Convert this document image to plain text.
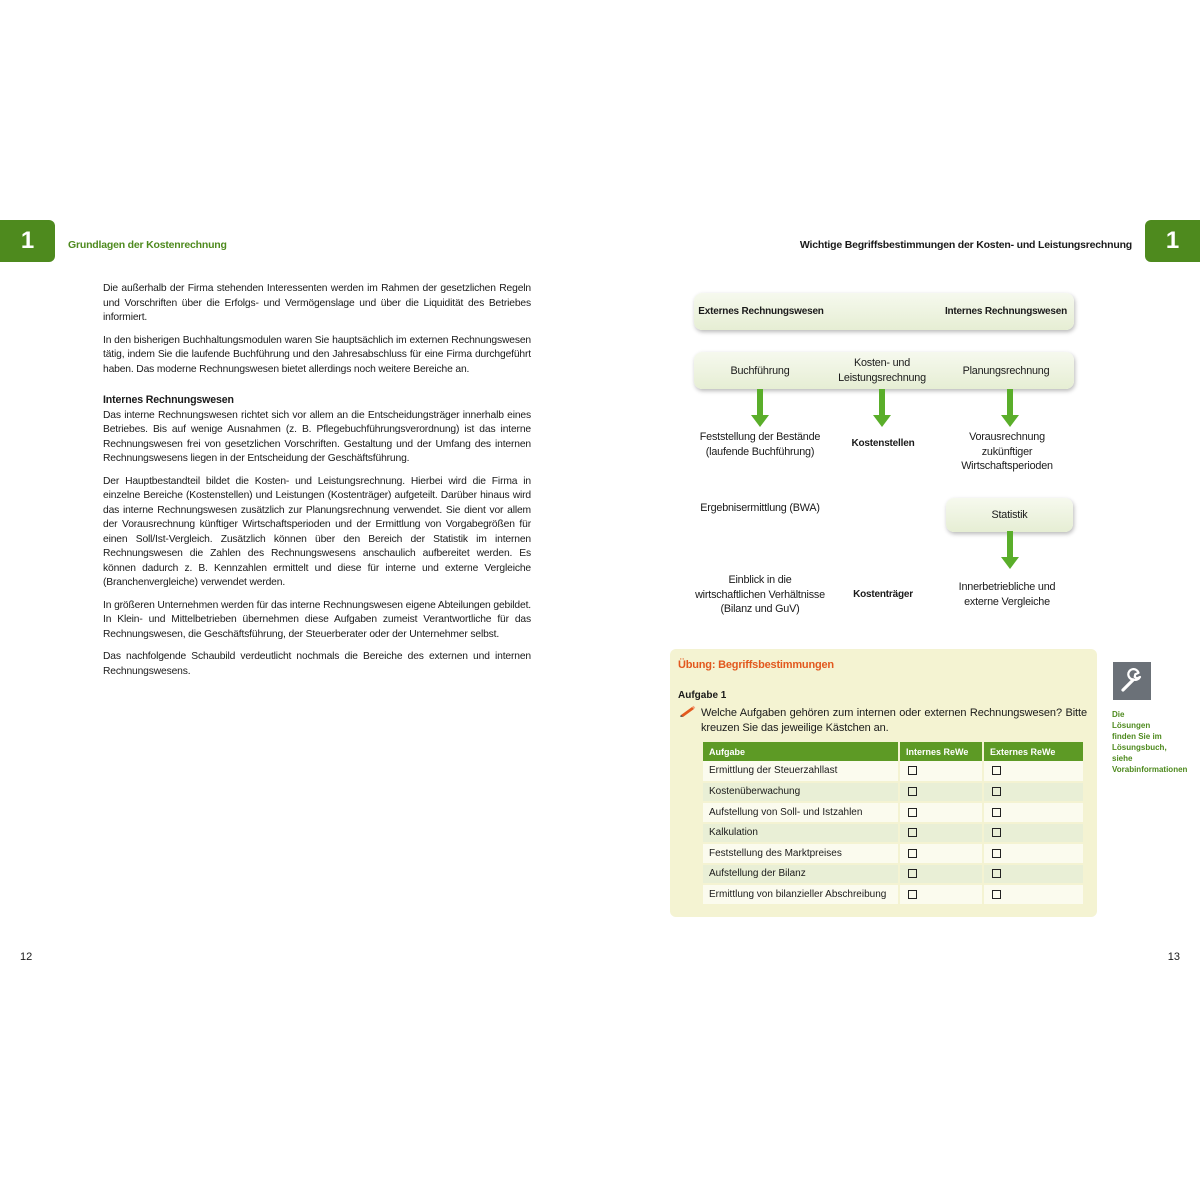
1	1
Grundlagen der Kostenrechnung	Wichtige Begriffsbestimmungen der Kosten- und Leistungsrechnung
12	13

Die außerhalb der Firma stehenden Interessenten werden im Rahmen der gesetzlichen Regeln und Vorschriften über die Erfolgs- und Vermögenslage und über die Liquidität des Betriebes informiert.

In den bisherigen Buchhaltungsmodulen waren Sie hauptsächlich im externen Rechnungswesen tätig, indem Sie die laufende Buchführung und den Jahresabschluss für eine Firma durchgeführt haben. Das moderne Rechnungswesen bietet allerdings noch weitere Bereiche an.

Internes Rechnungswesen

Das interne Rechnungswesen richtet sich vor allem an die Entscheidungsträger innerhalb eines Betriebes. Bis auf wenige Ausnahmen (z. B. Pflegebuchführungsverordnung) ist das interne Rechnungswesen frei von gesetzlichen Vorschriften. Gestaltung und der Umfang des internen Rechnungswesens liegen in der Entscheidung der Geschäftsführung.

Der Hauptbestandteil bildet die Kosten- und Leistungsrechnung. Hierbei wird die Firma in einzelne Bereiche (Kostenstellen) und Leistungen (Kostenträger) aufgeteilt. Darüber hinaus wird das interne Rechnungswesen zusätzlich zur Planungsrechnung verwendet. Sie dient vor allem der Vorausrechnung künftiger Wirtschaftsperioden und der Ermittlung von Vorgabegrößen für einen Soll/Ist-Vergleich. Zusätzlich können über den Bereich der Statistik im internen Rechnungswesen die Zahlen des Rechnungswesens anschaulich aufbereitet werden. Es können dadurch z. B. Kennzahlen ermittelt und diese für interne und externe Vergleiche (Branchenvergleiche) verwendet werden.

In größeren Unternehmen werden für das interne Rechnungswesen eigene Abteilungen gebildet. In Klein- und Mittelbetrieben übernehmen diese Aufgaben zumeist Verantwortliche für das Rechnungswesen, die Geschäftsführung, der Steuerberater oder der Unternehmer selbst.

Das nachfolgende Schaubild verdeutlicht nochmals die Bereiche des externen und internen Rechnungswesens.

Externes Rechnungswesen	Internes Rechnungswesen
Buchführung
Kosten- und Leistungsrechnung
Planungsrechnung
Feststellung der Bestände (laufende Buchführung)
Kostenstellen
Vorausrechnung zukünftiger Wirtschaftsperioden
Ergebnisermittlung (BWA)
Statistik
Einblick in die wirtschaftlichen Verhältnisse (Bilanz und GuV)
Kostenträger
Innerbetriebliche und externe Vergleiche
Übung: Begriffsbestimmungen
Aufgabe 1
Welche Aufgaben gehören zum internen oder externen Rechnungswesen? Bitte kreuzen Sie das jeweilige Kästchen an.
Aufgabe	Internes ReWe	Externes ReWe
Ermittlung der Steuerzahllast		
Kostenüberwachung		
Aufstellung von Soll- und Istzahlen		
Kalkulation		
Feststellung des Marktpreises		
Aufstellung der Bilanz		
Ermittlung von bilanzieller Abschreibung		
Die Lösungen finden Sie im Lösungsbuch, siehe Vorabinformationen
